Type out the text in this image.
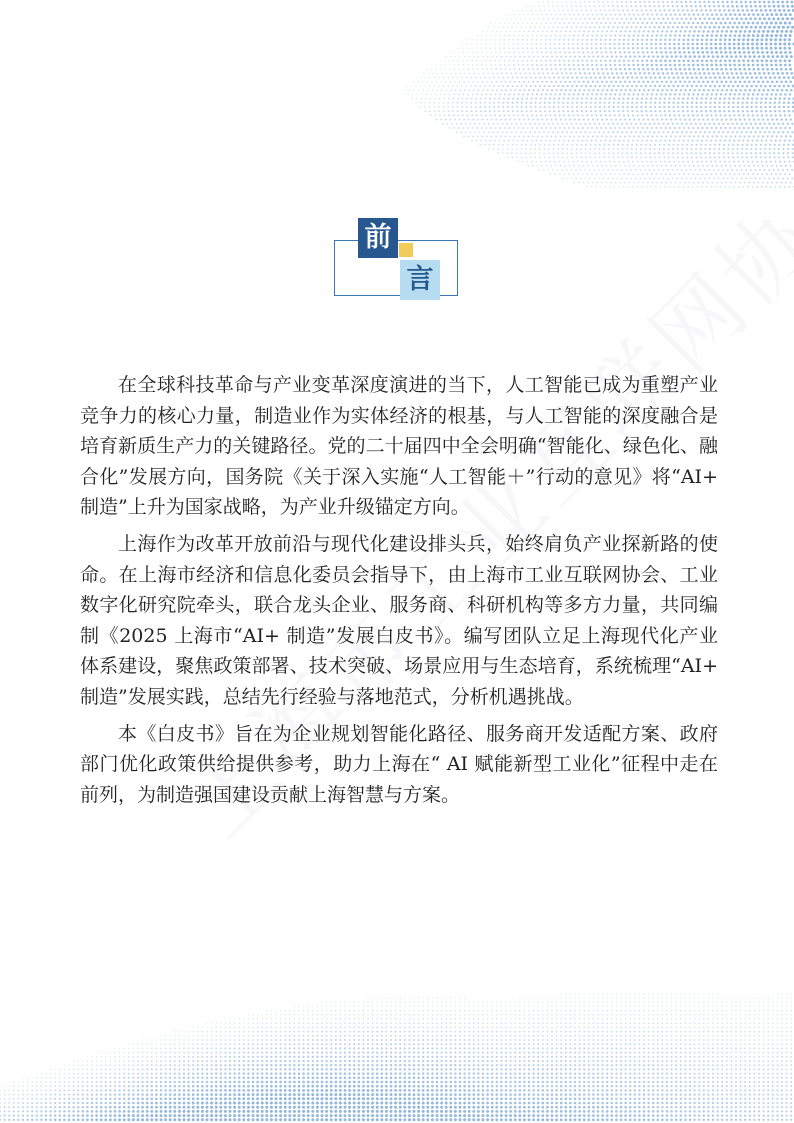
前
言

在全球科技革命与产业变革深度演进的当下，人工智能已成为重塑产业竞争力的核心力量，制造业作为实体经济的根基，与人工智能的深度融合是培育新质生产力的关键路径。党的二十届四中全会明确“智能化、绿色化、融合化”发展方向，国务院《关于深入实施“人工智能＋”行动的意见》将“AI+ 制造”上升为国家战略，为产业升级锚定方向。

上海作为改革开放前沿与现代化建设排头兵，始终肩负产业探新路的使命。在上海市经济和信息化委员会指导下，由上海市工业互联网协会、工业数字化研究院牵头，联合龙头企业、服务商、科研机构等多方力量，共同编制《2025 上海市“AI+ 制造”发展白皮书》。编写团队立足上海现代化产业体系建设，聚焦政策部署、技术突破、场景应用与生态培育，系统梳理“AI+ 制造”发展实践，总结先行经验与落地范式，分析机遇挑战。

本《白皮书》旨在为企业规划智能化路径、服务商开发适配方案、政府部门优化政策供给提供参考，助力上海在“ AI 赋能新型工业化”征程中走在前列，为制造强国建设贡献上海智慧与方案。
